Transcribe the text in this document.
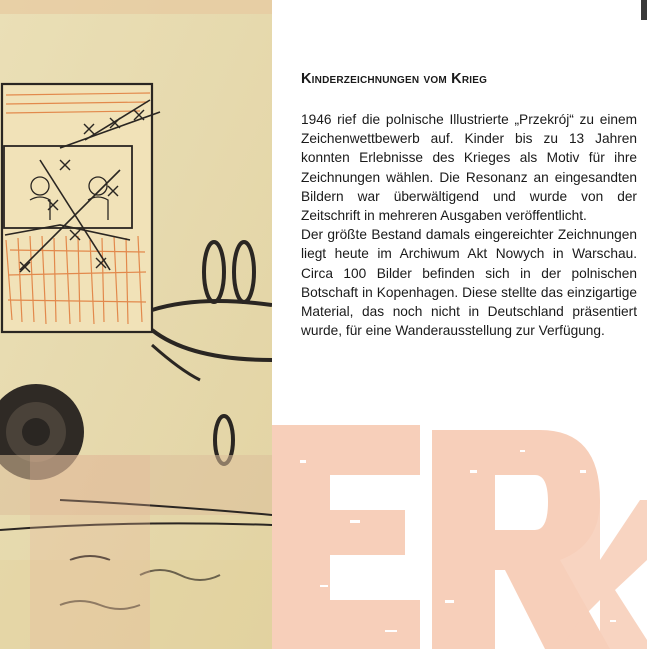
Kinderzeichnungen vom Krieg

1946 rief die polnische Illustrierte „Przekrój“ zu einem Zeichenwettbewerb auf. Kinder bis zu 13 Jahren konnten Erlebnisse des Krieges als Motiv für ihre Zeichnungen wählen. Die Resonanz an eingesandten Bildern war überwältigend und wurde von der Zeitschrift in mehreren Ausgaben veröffentlicht.

Der größte Bestand damals eingereichter Zeichnungen liegt heute im Archiwum Akt Nowych in Warschau. Circa 100 Bilder befinden sich in der polnischen Botschaft in Kopenhagen. Diese stellte das einzigartige Material, das noch nicht in Deutschland präsentiert wurde, für eine Wanderausstellung zur Verfügung.
